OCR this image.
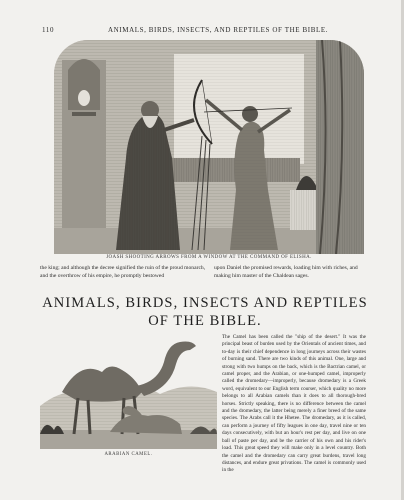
110	ANIMALS, BIRDS, INSECTS, AND REPTILES OF THE BIBLE.
JOASH SHOOTING ARROWS FROM A WINDOW AT THE COMMAND OF ELISHA.
the king; and although the decree signified the ruin of the proud monarch, and the overthrow of his empire, he promptly bestowed
upon Daniel the promised rewards, loading him with riches, and making him master of the Chaldean sages.
ANIMALS, BIRDS, INSECTS AND REPTILES OF THE BIBLE.
ARABIAN CAMEL.
The Camel has been called the "ship of the desert." It was the principal beast of burden used by the Orientals of ancient times, and to-day is their chief dependence in long journeys across their wastes of burning sand. There are two kinds of this animal. One, large and strong with two humps on the back, which is the Bactrian camel, or camel proper, and the Arabian, or one-humped camel, improperly called the dromedary—improperly, because dromedary is a Greek word, equivalent to our English term courser, which quality no more belongs to all Arabian camels than it does to all thorough-bred horses. Strictly speaking, there is no difference between the camel and the dromedary, the latter being merely a finer breed of the same species. The Arabs call it the Hhetee. The dromedary, as it is called, can perform a journey of fifty leagues in one day, travel nine or ten days consecutively, with but an hour's rest per day, and live on one ball of paste per day, and be the carrier of his own and his rider's load. This great speed they will make only in a level country. Both the camel and the dromedary can carry great burdens, travel long distances, and endure great privations. The camel is commonly used in the
